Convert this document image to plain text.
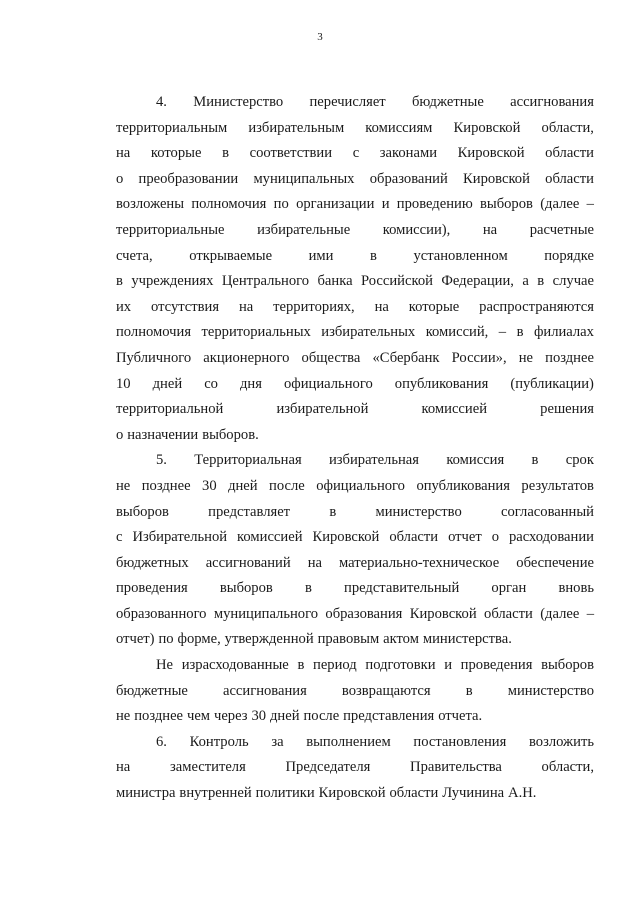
3
4. Министерство перечисляет бюджетные ассигнования
территориальным избирательным комиссиям Кировской области,
на которые в соответствии с законами Кировской области
о преобразовании муниципальных образований Кировской области
возложены полномочия по организации и проведению выборов (далее –
территориальные избирательные комиссии), на расчетные
счета,	открываемые	ими	в	установленном	порядке
в учреждениях Центрального банка Российской Федерации, а в случае
их отсутствия на территориях, на которые распространяются
полномочия территориальных избирательных комиссий, – в филиалах
Публичного акционерного общества «Сбербанк России», не позднее
10 дней со дня официального опубликования (публикации)
территориальной	избирательной	комиссией	решения
о назначении выборов.
5. Территориальная избирательная комиссия в срок
не позднее 30 дней после официального опубликования результатов
выборов	представляет	в	министерство	согласованный
с Избирательной комиссией Кировской области отчет о расходовании
бюджетных ассигнований на материально-техническое обеспечение
проведения выборов в представительный орган вновь
образованного муниципального образования Кировской области (далее –
отчет) по форме, утвержденной правовым актом министерства.
Не израсходованные в период подготовки и проведения выборов
бюджетные ассигнования возвращаются в министерство
не позднее чем через 30 дней после представления отчета.
6. Контроль за выполнением постановления возложить
на	заместителя	Председателя	Правительства	области,
министра внутренней политики Кировской области Лучинина А.Н.
